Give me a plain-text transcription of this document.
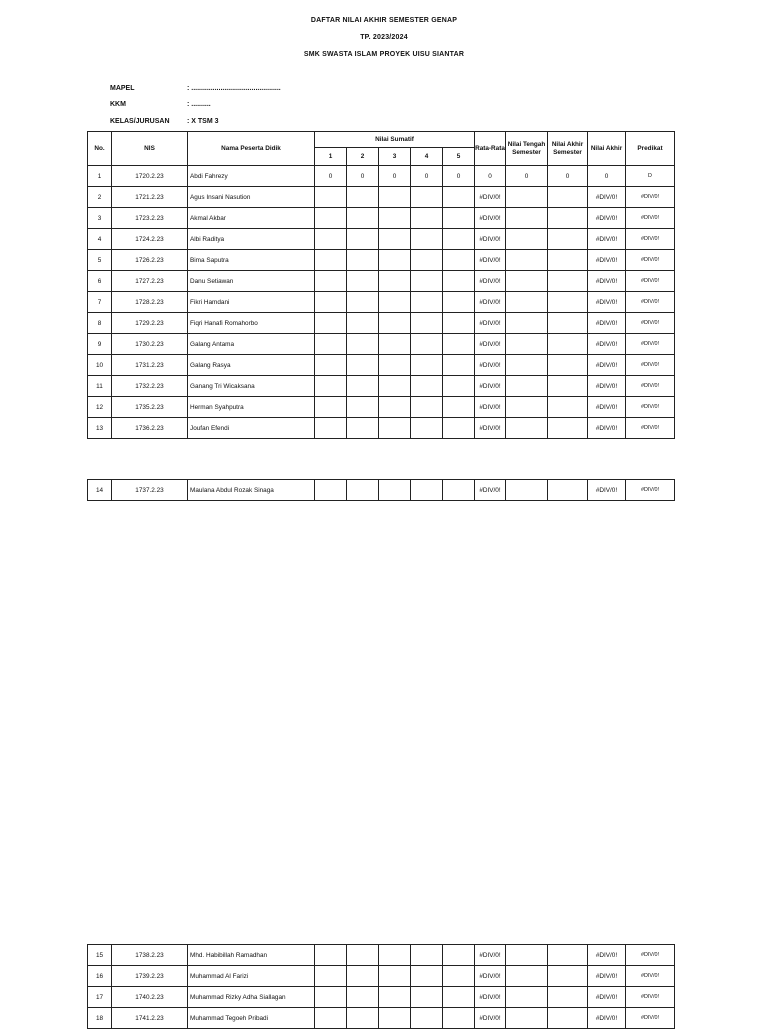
DAFTAR NILAI AKHIR SEMESTER GENAP
TP. 2023/2024
SMK SWASTA ISLAM PROYEK UISU SIANTAR
MAPEL	: ..............................................
KKM	: ..........
KELAS/JURUSAN : X TSM 3
No.	NIS	Nama Peserta Didik	Nilai Sumatif					Rata-Rata	Nilai Tengah Semester	Nilai Akhir Semester	Nilai Akhir	Predikat
			1	2	3	4	5					
1	1720.2.23	Abdi Fahrezy	0	0	0	0	0	0	0	0	0	D
2	1721.2.23	Agus Insani Nasution						#DIV/0!			#DIV/0!	#DIV/0!
3	1723.2.23	Akmal Akbar						#DIV/0!			#DIV/0!	#DIV/0!
4	1724.2.23	Albi Raditya						#DIV/0!			#DIV/0!	#DIV/0!
5	1726.2.23	Bima Saputra						#DIV/0!			#DIV/0!	#DIV/0!
6	1727.2.23	Danu Setiawan						#DIV/0!			#DIV/0!	#DIV/0!
7	1728.2.23	Fikri Hamdani						#DIV/0!			#DIV/0!	#DIV/0!
8	1729.2.23	Fiqri Hanafi Romahorbo						#DIV/0!			#DIV/0!	#DIV/0!
9	1730.2.23	Galang Antama						#DIV/0!			#DIV/0!	#DIV/0!
10	1731.2.23	Galang Rasya						#DIV/0!			#DIV/0!	#DIV/0!
11	1732.2.23	Ganang Tri Wicaksana						#DIV/0!			#DIV/0!	#DIV/0!
12	1735.2.23	Herman Syahputra						#DIV/0!			#DIV/0!	#DIV/0!
13	1736.2.23	Joufan Efendi						#DIV/0!			#DIV/0!	#DIV/0!
14	1737.2.23	Maulana Abdul Rozak Sinaga						#DIV/0!			#DIV/0!	#DIV/0!
15	1738.2.23	Mhd. Habibillah Ramadhan						#DIV/0!			#DIV/0!	#DIV/0!
16	1739.2.23	Muhammad Al Farizi						#DIV/0!			#DIV/0!	#DIV/0!
17	1740.2.23	Muhammad Rizky Adha Siallagan						#DIV/0!			#DIV/0!	#DIV/0!
18	1741.2.23	Muhammad Tegoeh Pribadi						#DIV/0!			#DIV/0!	#DIV/0!
